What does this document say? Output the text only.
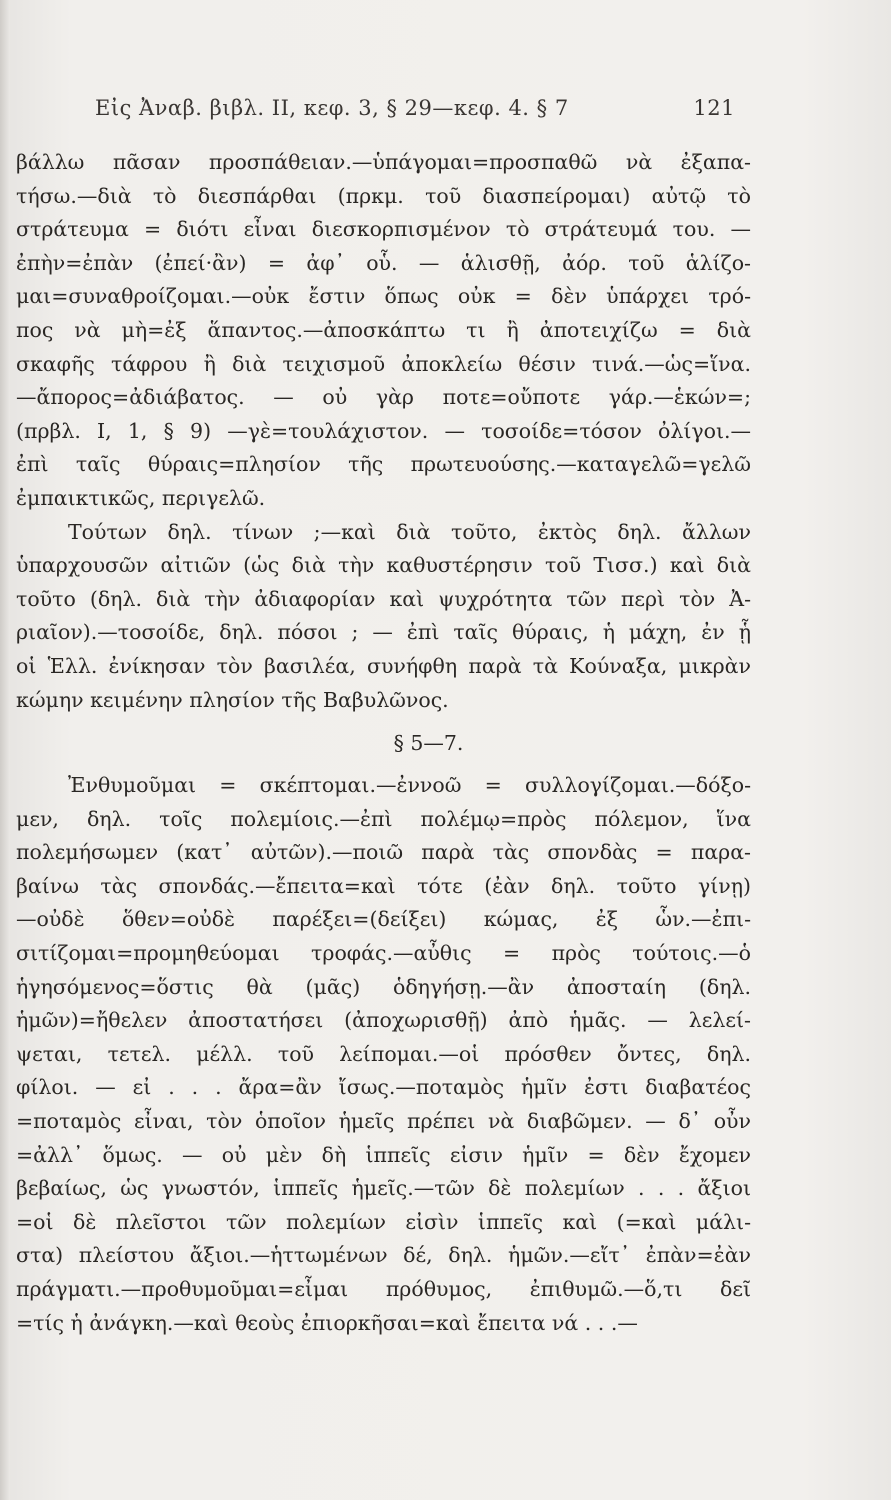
Εἰς Ἀναβ. βιβλ. ΙΙ, κεφ. 3, § 29—κεφ. 4. § 7	121
βάλλω πᾶσαν προσπάθειαν.—ὑπάγομαι=προσπαθῶ νὰ ἐξαπα-
τήσω.—διὰ τὸ διεσπάρθαι (πρκμ. τοῦ διασπείρομαι) αὐτῷ τὸ
στράτευμα = διότι εἶναι διεσκορπισμένον τὸ στράτευμά του. —
ἐπὴν=ἐπὰν (ἐπεί·ἂν) = ἀφ᾽ οὗ. — ἁλισθῇ, ἀόρ. τοῦ ἁλίζο-
μαι=συναθροίζομαι.—οὐκ ἔστιν ὅπως οὐκ = δὲν ὑπάρχει τρό-
πος νὰ μὴ=ἐξ ἅπαντος.—ἀποσκάπτω τι ἢ ἀποτειχίζω = διὰ
σκαφῆς τάφρου ἢ διὰ τειχισμοῦ ἀποκλείω θέσιν τινά.—ὡς=ἵνα.
—ἄπορος=ἀδιάβατος. — οὐ γὰρ ποτε=οὔποτε γάρ.—ἑκών=;
(πρβλ. Ι, 1, § 9) —γὲ=τουλάχιστον. — τοσοίδε=τόσον ὀλίγοι.—
ἐπὶ ταῖς θύραις=πλησίον τῆς πρωτευούσης.—καταγελῶ=γελῶ
ἐμπαικτικῶς, περιγελῶ.
Τούτων δηλ. τίνων ;—καὶ διὰ τοῦτο, ἐκτὸς δηλ. ἄλλων
ὑπαρχουσῶν αἰτιῶν (ὡς διὰ τὴν καθυστέρησιν τοῦ Τισσ.) καὶ διὰ
τοῦτο (δηλ. διὰ τὴν ἀδιαφορίαν καὶ ψυχρότητα τῶν περὶ τὸν Ἀ-
ριαῖον).—τοσοίδε, δηλ. πόσοι ; — ἐπὶ ταῖς θύραις, ἡ μάχη, ἐν ᾗ
οἱ Ἑλλ. ἐνίκησαν τὸν βασιλέα, συνήφθη παρὰ τὰ Κούναξα, μικρὰν
κώμην κειμένην πλησίον τῆς Βαβυλῶνος.
§ 5—7.
Ἐνθυμοῦμαι = σκέπτομαι.—ἐννοῶ = συλλογίζομαι.—δόξο-
μεν, δηλ. τοῖς πολεμίοις.—ἐπὶ πολέμῳ=πρὸς πόλεμον, ἵνα
πολεμήσωμεν (κατ᾽ αὐτῶν).—ποιῶ παρὰ τὰς σπονδὰς = παρα-
βαίνω τὰς σπονδάς.—ἔπειτα=καὶ τότε (ἐὰν δηλ. τοῦτο γίνῃ)
—οὐδὲ ὅθεν=οὐδὲ παρέξει=(δείξει) κώμας, ἐξ ὧν.—ἐπι-
σιτίζομαι=προμηθεύομαι τροφάς.—αὖθις = πρὸς τούτοις.—ὁ
ἡγησόμενος=ὅστις θὰ (μᾶς) ὁδηγήσῃ.—ἂν ἀποσταίη (δηλ.
ἡμῶν)=ἤθελεν ἀποστατήσει (ἀποχωρισθῇ) ἀπὸ ἡμᾶς. — λελεί-
ψεται, τετελ. μέλλ. τοῦ λείπομαι.—οἱ πρόσθεν ὄντες, δηλ.
φίλοι. — εἰ . . . ἄρα=ἂν ἴσως.—ποταμὸς ἡμῖν ἐστι διαβατέος
=ποταμὸς εἶναι, τὸν ὁποῖον ἡμεῖς πρέπει νὰ διαβῶμεν. — δ᾽ οὖν
=ἀλλ᾽ ὅμως. — οὐ μὲν δὴ ἱππεῖς εἰσιν ἡμῖν = δὲν ἔχομεν
βεβαίως, ὡς γνωστόν, ἱππεῖς ἡμεῖς.—τῶν δὲ πολεμίων . . . ἄξιοι
=οἱ δὲ πλεῖστοι τῶν πολεμίων εἰσὶν ἱππεῖς καὶ (=καὶ μάλι-
στα) πλείστου ἄξιοι.—ἡττωμένων δέ, δηλ. ἡμῶν.—εἴτ᾽ ἐπὰν=ἐὰν
πράγματι.—προθυμοῦμαι=εἶμαι πρόθυμος, ἐπιθυμῶ.—ὅ,τι δεῖ
=τίς ἡ ἀνάγκη.—καὶ θεοὺς ἐπιορκῆσαι=καὶ ἔπειτα νά . . .—
